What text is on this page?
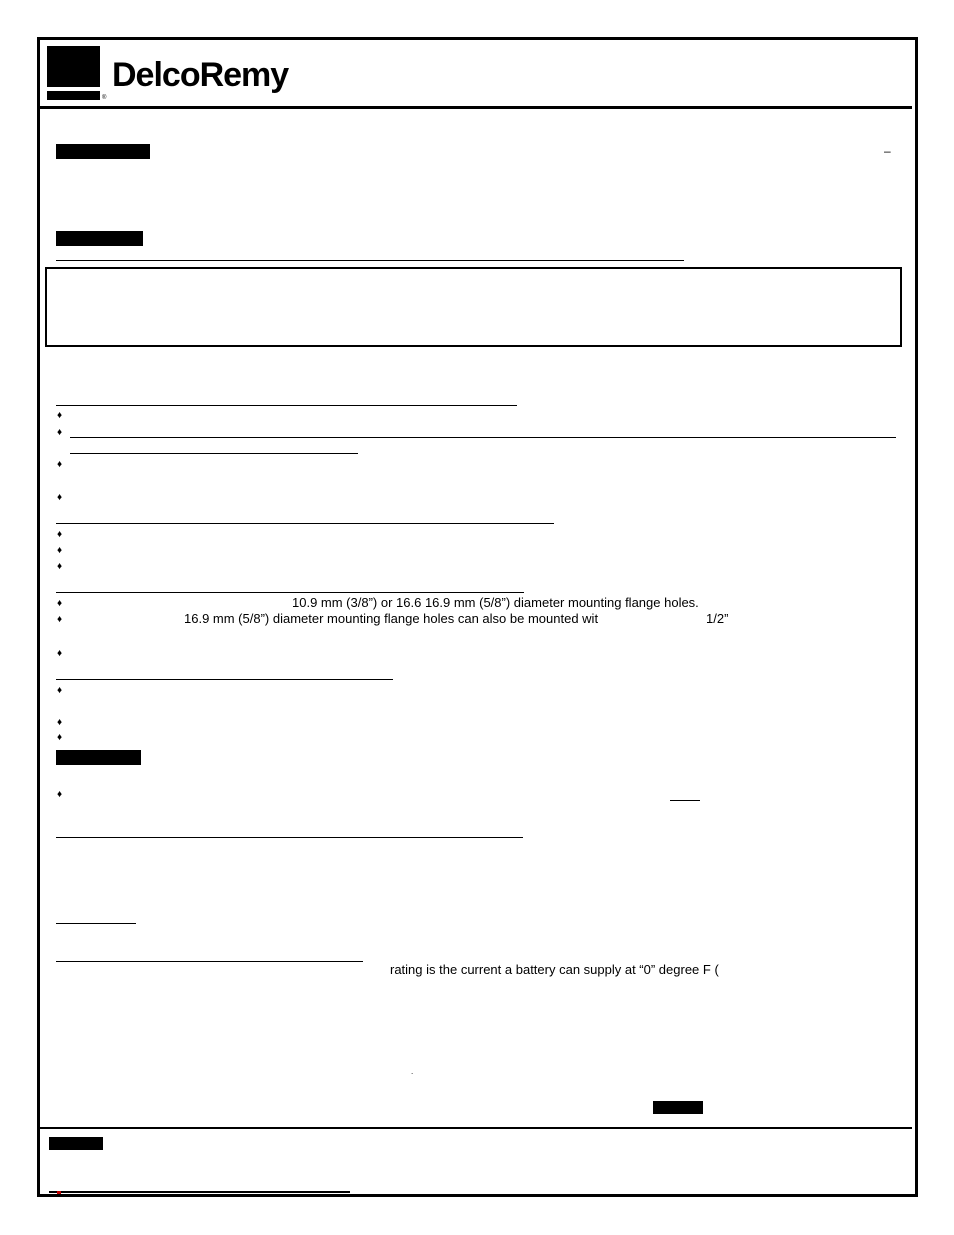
DelcoRemy
®
–
♦
♦
♦
♦
♦
♦
♦
♦	10.9 mm (3/8”) or 16.6 16.9 mm (5/8”) diameter mounting flange holes.
♦	16.9 mm (5/8”) diameter mounting flange holes can also be mounted wit	1/2”
♦
♦
♦
♦
♦
rating is the current a battery can supply at “0” degree F (
.
